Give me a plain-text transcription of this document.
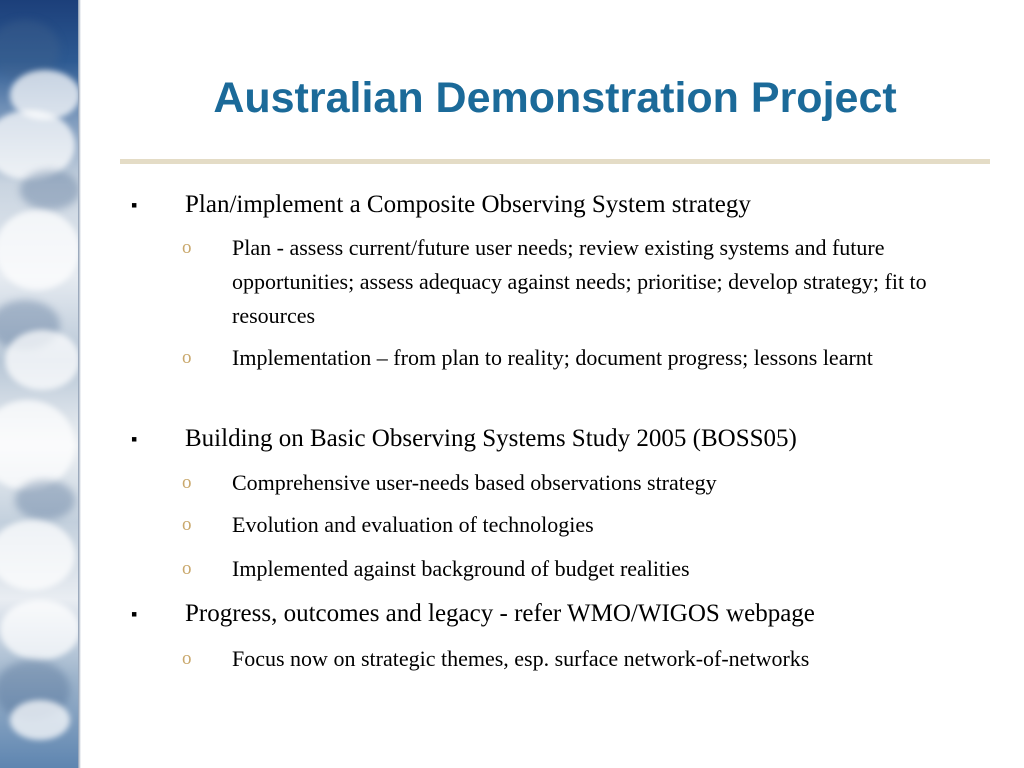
Australian Demonstration Project
▪ Plan/implement a Composite Observing System strategy
o Plan - assess current/future user needs; review existing systems and future opportunities; assess adequacy against needs; prioritise; develop strategy; fit to resources
o Implementation – from plan to reality; document progress; lessons learnt
▪ Building on Basic Observing Systems Study 2005 (BOSS05)
o Comprehensive user-needs based observations strategy
o Evolution and evaluation of technologies
o Implemented against background of budget realities
▪ Progress, outcomes and legacy - refer WMO/WIGOS webpage
o Focus now on strategic themes, esp. surface network-of-networks
